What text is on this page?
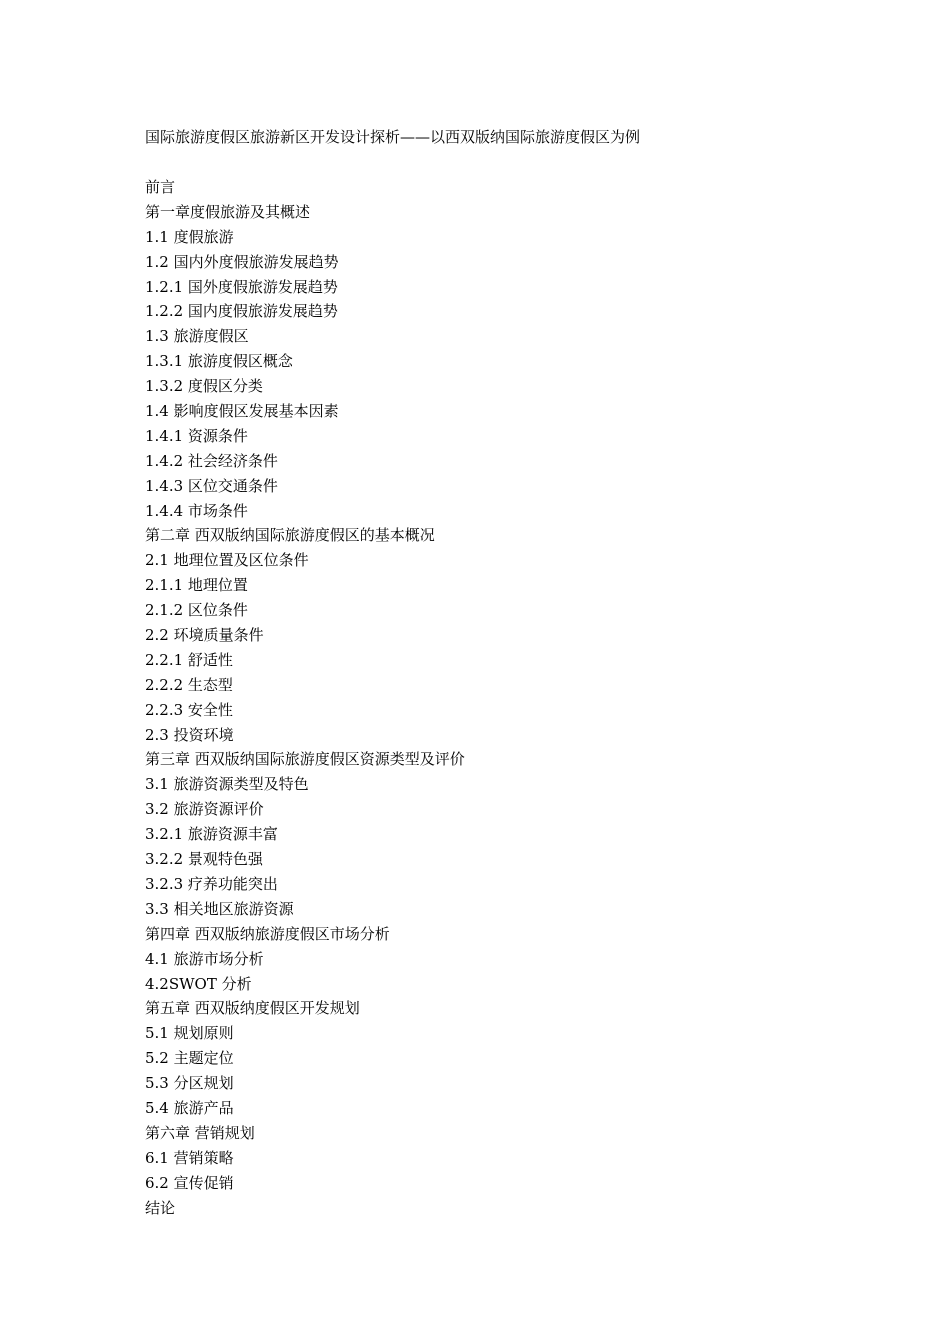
国际旅游度假区旅游新区开发设计探析——以西双版纳国际旅游度假区为例
前言
第一章度假旅游及其概述
1.1 度假旅游
1.2 国内外度假旅游发展趋势
1.2.1 国外度假旅游发展趋势
1.2.2 国内度假旅游发展趋势
1.3 旅游度假区
1.3.1 旅游度假区概念
1.3.2 度假区分类
1.4 影响度假区发展基本因素
1.4.1 资源条件
1.4.2 社会经济条件
1.4.3 区位交通条件
1.4.4 市场条件
第二章 西双版纳国际旅游度假区的基本概况
2.1 地理位置及区位条件
2.1.1 地理位置
2.1.2 区位条件
2.2 环境质量条件
2.2.1 舒适性
2.2.2 生态型
2.2.3 安全性
2.3 投资环境
第三章 西双版纳国际旅游度假区资源类型及评价
3.1 旅游资源类型及特色
3.2 旅游资源评价
3.2.1 旅游资源丰富
3.2.2 景观特色强
3.2.3 疗养功能突出
3.3 相关地区旅游资源
第四章 西双版纳旅游度假区市场分析
4.1 旅游市场分析
4.2SWOT 分析
第五章 西双版纳度假区开发规划
5.1 规划原则
5.2 主题定位
5.3 分区规划
5.4 旅游产品
第六章 营销规划
6.1 营销策略
6.2 宣传促销
结论
